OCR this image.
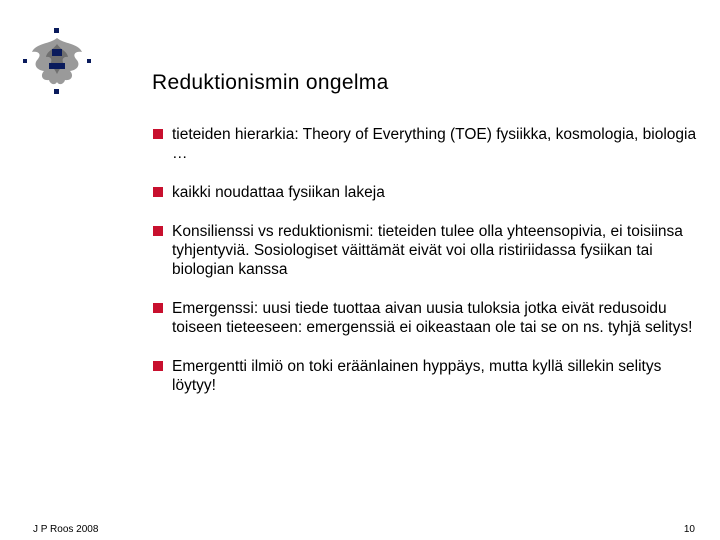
Reduktionismin ongelma
tieteiden hierarkia: Theory of Everything (TOE) fysiikka, kosmologia, biologia …
kaikki noudattaa fysiikan lakeja
Konsilienssi vs reduktionismi: tieteiden tulee olla yhteensopivia, ei toisiinsa tyhjentyviä. Sosiologiset väittämät eivät voi olla ristiriidassa fysiikan tai biologian kanssa
Emergenssi: uusi tiede tuottaa aivan uusia tuloksia jotka eivät redusoidu toiseen tieteeseen: emergenssiä ei oikeastaan ole tai se on ns. tyhjä selitys!
Emergentti ilmiö on toki eräänlainen hyppäys, mutta kyllä sillekin selitys löytyy!
J P Roos 2008	10
